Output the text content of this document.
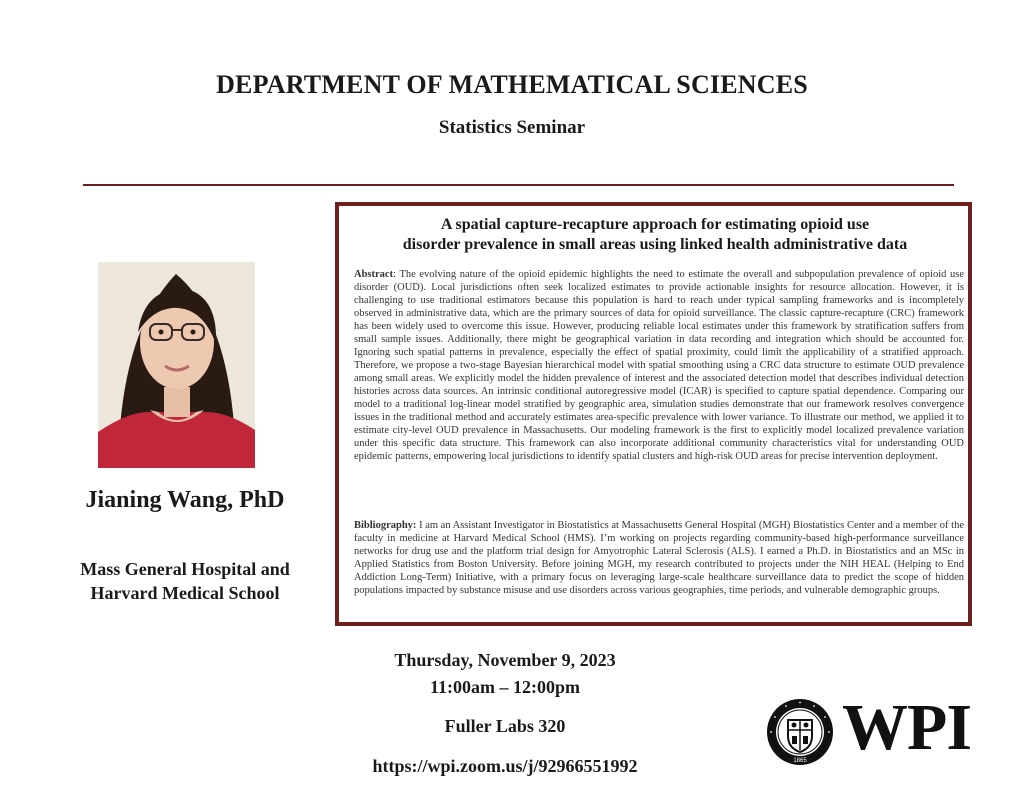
DEPARTMENT OF MATHEMATICAL SCIENCES
Statistics Seminar
A spatial capture-recapture approach for estimating opioid use
disorder prevalence in small areas using linked health administrative data
Abstract: The evolving nature of the opioid epidemic highlights the need to estimate the overall and subpopulation prevalence of opioid use disorder (OUD). Local jurisdictions often seek localized estimates to provide actionable insights for resource allocation. However, it is challenging to use traditional estimators because this population is hard to reach under typical sampling frameworks and is incompletely observed in administrative data, which are the primary sources of data for opioid surveillance. The classic capture-recapture (CRC) framework has been widely used to overcome this issue. However, producing reliable local estimates under this framework by stratification suffers from small sample issues. Additionally, there might be geographical variation in data recording and integration which should be accounted for. Ignoring such spatial patterns in prevalence, especially the effect of spatial proximity, could limit the applicability of a stratified approach. Therefore, we propose a two-stage Bayesian hierarchical model with spatial smoothing using a CRC data structure to estimate OUD prevalence among small areas. We explicitly model the hidden prevalence of interest and the associated detection model that describes individual detection histories across data sources. An intrinsic conditional autoregressive model (ICAR) is specified to capture spatial dependence. Comparing our model to a traditional log-linear model stratified by geographic area, simulation studies demonstrate that our framework resolves convergence issues in the traditional method and accurately estimates area-specific prevalence with lower variance. To illustrate our method, we applied it to estimate city-level OUD prevalence in Massachusetts. Our modeling framework is the first to explicitly model localized prevalence variation under this specific data structure. This framework can also incorporate additional community characteristics vital for understanding OUD epidemic patterns, empowering local jurisdictions to identify spatial clusters and high-risk OUD areas for precise intervention deployment.
Bibliography: I am an Assistant Investigator in Biostatistics at Massachusetts General Hospital (MGH) Biostatistics Center and a member of the faculty in medicine at Harvard Medical School (HMS). I’m working on projects regarding community-based high-performance surveillance networks for drug use and the platform trial design for Amyotrophic Lateral Sclerosis (ALS). I earned a Ph.D. in Biostatistics and an MSc in Applied Statistics from Boston University. Before joining MGH, my research contributed to projects under the NIH HEAL (Helping to End Addiction Long-Term) Initiative, with a primary focus on leveraging large-scale healthcare surveillance data to predict the scope of hidden populations impacted by substance misuse and use disorders across various geographies, time periods, and vulnerable demographic groups.
Jianing Wang, PhD
Mass General Hospital and
Harvard Medical School
Thursday, November 9, 2023
11:00am – 12:00pm
Fuller Labs 320
https://wpi.zoom.us/j/92966551992	1865 WPI
